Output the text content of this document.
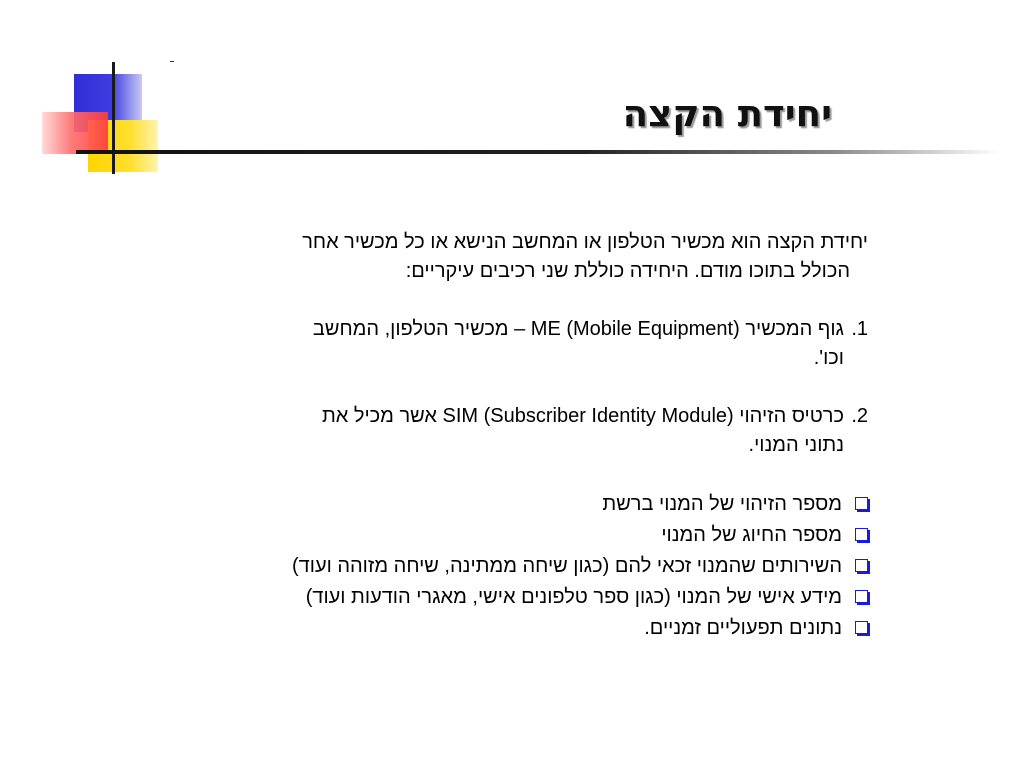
יחידת הקצה

יחידת הקצה הוא מכשיר הטלפון או המחשב הנישא או כל מכשיר אחר
הכולל בתוכו מודם. היחידה כוללת שני רכיבים עיקריים:

1.
גוף המכשיר ME (Mobile Equipment) – מכשיר הטלפון, המחשב
וכו'.

2.
כרטיס הזיהוי SIM (Subscriber Identity Module) אשר מכיל את
נתוני המנוי.

מספר הזיהוי של המנוי ברשת
מספר החיוג של המנוי
השירותים שהמנוי זכאי להם (כגון שיחה ממתינה, שיחה מזוהה ועוד)
מידע אישי של המנוי (כגון ספר טלפונים אישי, מאגרי הודעות ועוד)
נתונים תפעוליים זמניים.
